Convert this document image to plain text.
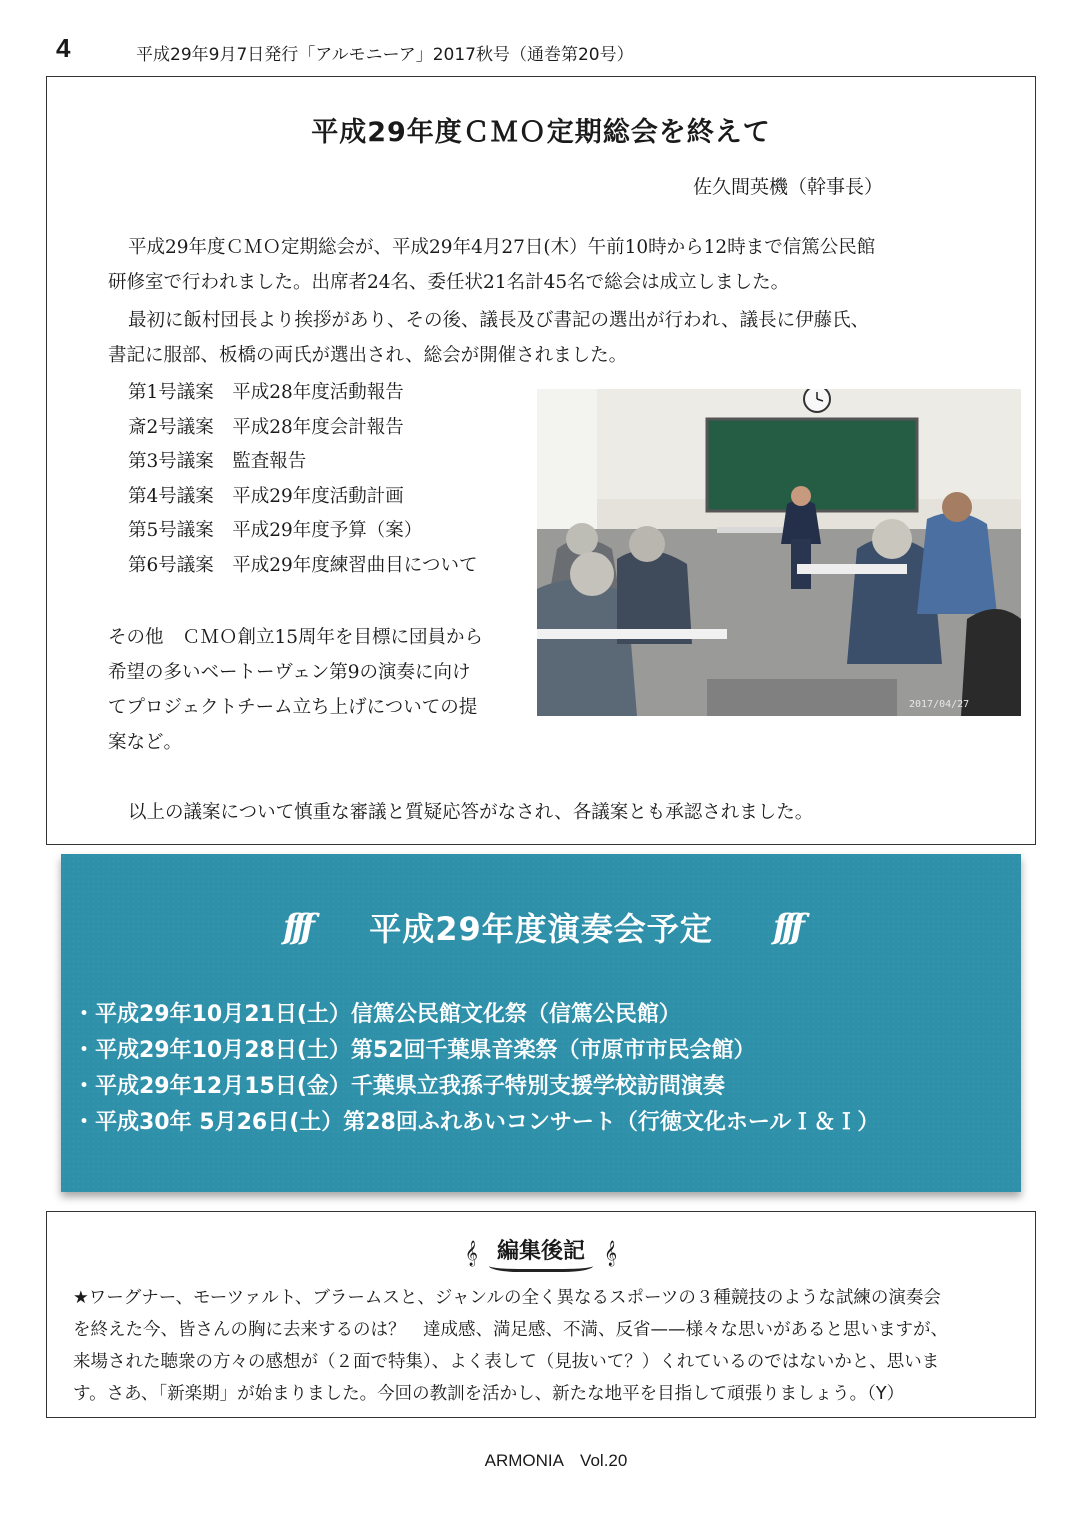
4	平成29年9月7日発行「アルモニーア」2017秋号（通巻第20号）
平成29年度ＣＭＯ定期総会を終えて
佐久間英機（幹事長）
平成29年度ＣＭＯ定期総会が、平成29年4月27日(木）午前10時から12時まで信篤公民館
研修室で行われました。出席者24名、委任状21名計45名で総会は成立しました。
最初に飯村団長より挨拶があり、その後、議長及び書記の選出が行われ、議長に伊藤氏、
書記に服部、板橋の両氏が選出され、総会が開催されました。
第1号議案　平成28年度活動報告
斎2号議案　平成28年度会計報告
第3号議案　監査報告
第4号議案　平成29年度活動計画
第5号議案　平成29年度予算（案）
第6号議案　平成29年度練習曲目について
2017/04/27
その他　ＣＭＯ創立15周年を目標に団員から
希望の多いベートーヴェン第9の演奏に向け
てプロジェクトチーム立ち上げについての提
案など。
以上の議案について慎重な審議と質疑応答がなされ、各議案とも承認されました。
fff 平成29年度演奏会予定 fff
・平成29年10月21日(土）信篤公民館文化祭（信篤公民館）
・平成29年10月28日(土）第52回千葉県音楽祭（市原市市民会館）
・平成29年12月15日(金）千葉県立我孫子特別支援学校訪問演奏
・平成30年 5月26日(土）第28回ふれあいコンサート（行徳文化ホールＩ＆Ｉ）
𝄞 編集後記 𝄞
★ワーグナー、モーツァルト、ブラームスと、ジャンルの全く異なるスポーツの３種競技のような試練の演奏会
を終えた今、皆さんの胸に去来するのは？　達成感、満足感、不満、反省——様々な思いがあると思いますが、
来場された聴衆の方々の感想が（２面で特集）、よく表して（見抜いて？）くれているのではないかと、思いま
す。さあ、「新楽期」が始まりました。今回の教訓を活かし、新たな地平を目指して頑張りましょう。（Y）
ARMONIA　Vol.20
